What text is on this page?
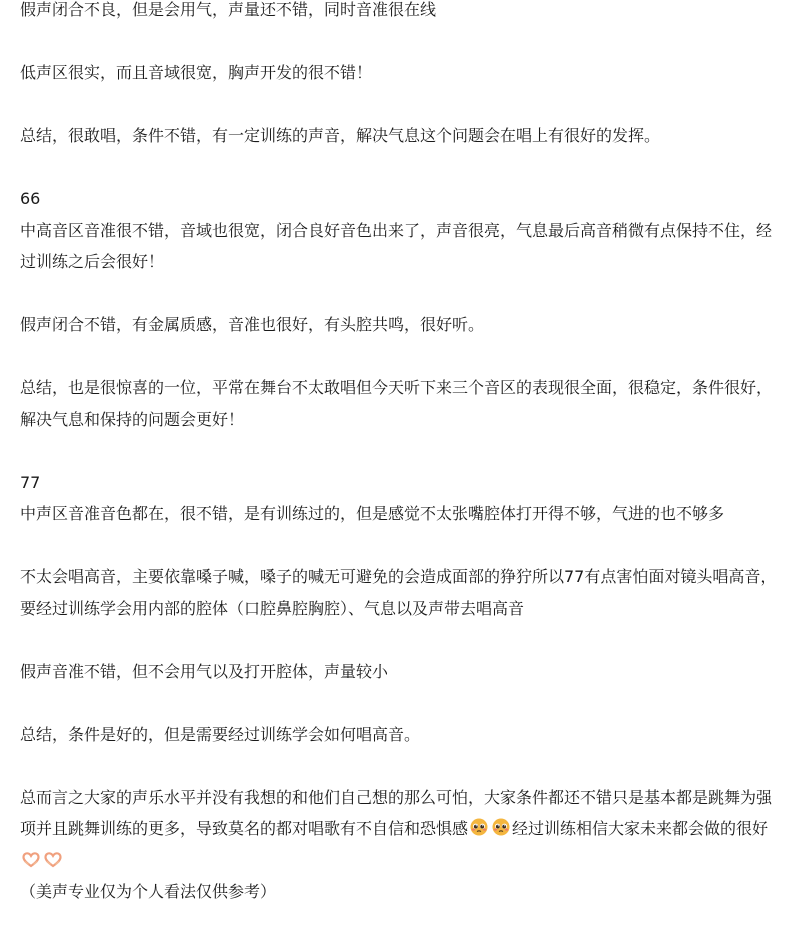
假声闭合不良，但是会用气，声量还不错，同时音准很在线

低声区很实，而且音域很宽，胸声开发的很不错！

总结，很敢唱，条件不错，有一定训练的声音，解决气息这个问题会在唱上有很好的发挥。

66

中高音区音准很不错，音域也很宽，闭合良好音色出来了，声音很亮，气息最后高音稍微有点保持不住，经过训练之后会很好！

假声闭合不错，有金属质感，音准也很好，有头腔共鸣，很好听。

总结，也是很惊喜的一位，平常在舞台不太敢唱但今天听下来三个音区的表现很全面，很稳定，条件很好，解决气息和保持的问题会更好！

77

中声区音准音色都在，很不错，是有训练过的，但是感觉不太张嘴腔体打开得不够，气进的也不够多

不太会唱高音，主要依靠嗓子喊，嗓子的喊无可避免的会造成面部的狰狞所以77有点害怕面对镜头唱高音，要经过训练学会用内部的腔体（口腔鼻腔胸腔）、气息以及声带去唱高音

假声音准不错，但不会用气以及打开腔体，声量较小

总结，条件是好的，但是需要经过训练学会如何唱高音。

总而言之大家的声乐水平并没有我想的和他们自己想的那么可怕，大家条件都还不错只是基本都是跳舞为强项并且跳舞训练的更多，导致莫名的都对唱歌有不自信和恐惧感	经过训练相信大家未来都会做的很好

（美声专业仅为个人看法仅供参考）
